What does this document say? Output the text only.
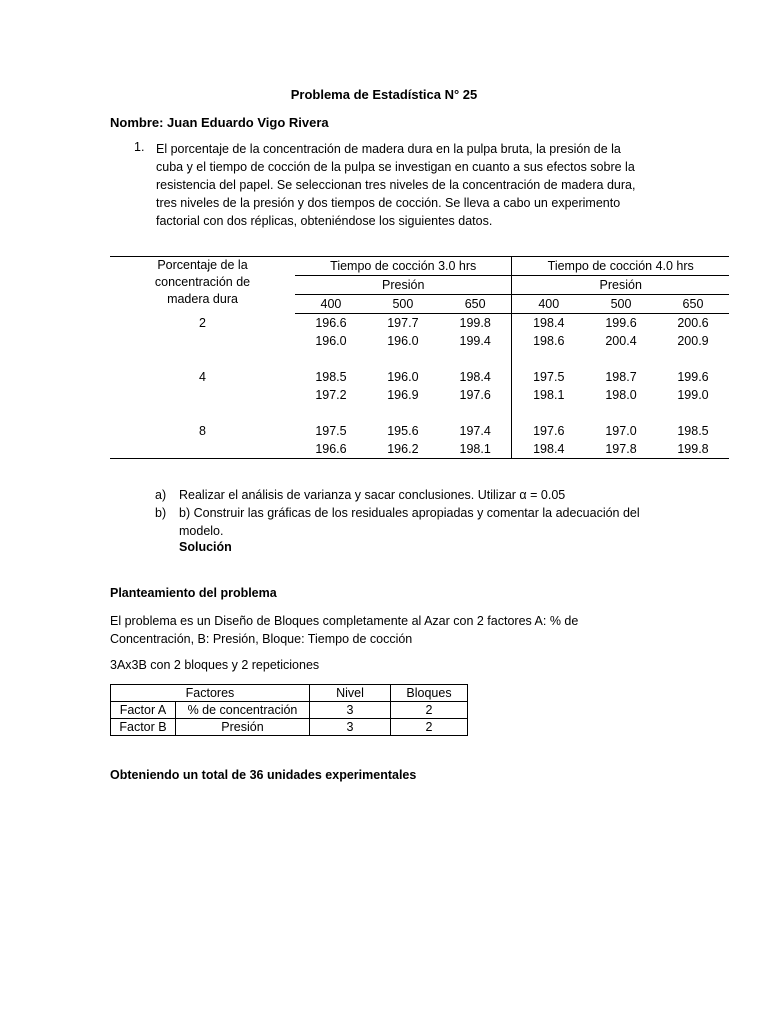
Problema de Estadística N° 25
Nombre: Juan Eduardo Vigo Rivera
1. El porcentaje de la concentración de madera dura en la pulpa bruta, la presión de la
cuba y el tiempo de cocción de la pulpa se investigan en cuanto a sus efectos sobre la
resistencia del papel. Se seleccionan tres niveles de la concentración de madera dura,
tres niveles de la presión y dos tiempos de cocción. Se lleva a cabo un experimento
factorial con dos réplicas, obteniéndose los siguientes datos.
Porcentaje de la
concentración de
madera dura	Tiempo de cocción 3.0 hrs			Tiempo de cocción 4.0 hrs		
	Presión			Presión		
	400	500	650	400	500	650
2	196.6	197.7	199.8	198.4	199.6	200.6
	196.0	196.0	199.4	198.6	200.4	200.9

4	198.5	196.0	198.4	197.5	198.7	199.6
	197.2	196.9	197.6	198.1	198.0	199.0

8	197.5	195.6	197.4	197.6	197.0	198.5
	196.6	196.2	198.1	198.4	197.8	199.8
a) Realizar el análisis de varianza y sacar conclusiones. Utilizar α = 0.05
b) b) Construir las gráficas de los residuales apropiadas y comentar la adecuación del
modelo.
Solución
Planteamiento del problema
El problema es un Diseño de Bloques completamente al Azar con 2 factores A: % de
Concentración, B: Presión, Bloque: Tiempo de cocción
3Ax3B con 2 bloques y 2 repeticiones
Factores		Nivel	Bloques
Factor A	% de concentración	3	2
Factor B	Presión	3	2
Obteniendo un total de 36 unidades experimentales
